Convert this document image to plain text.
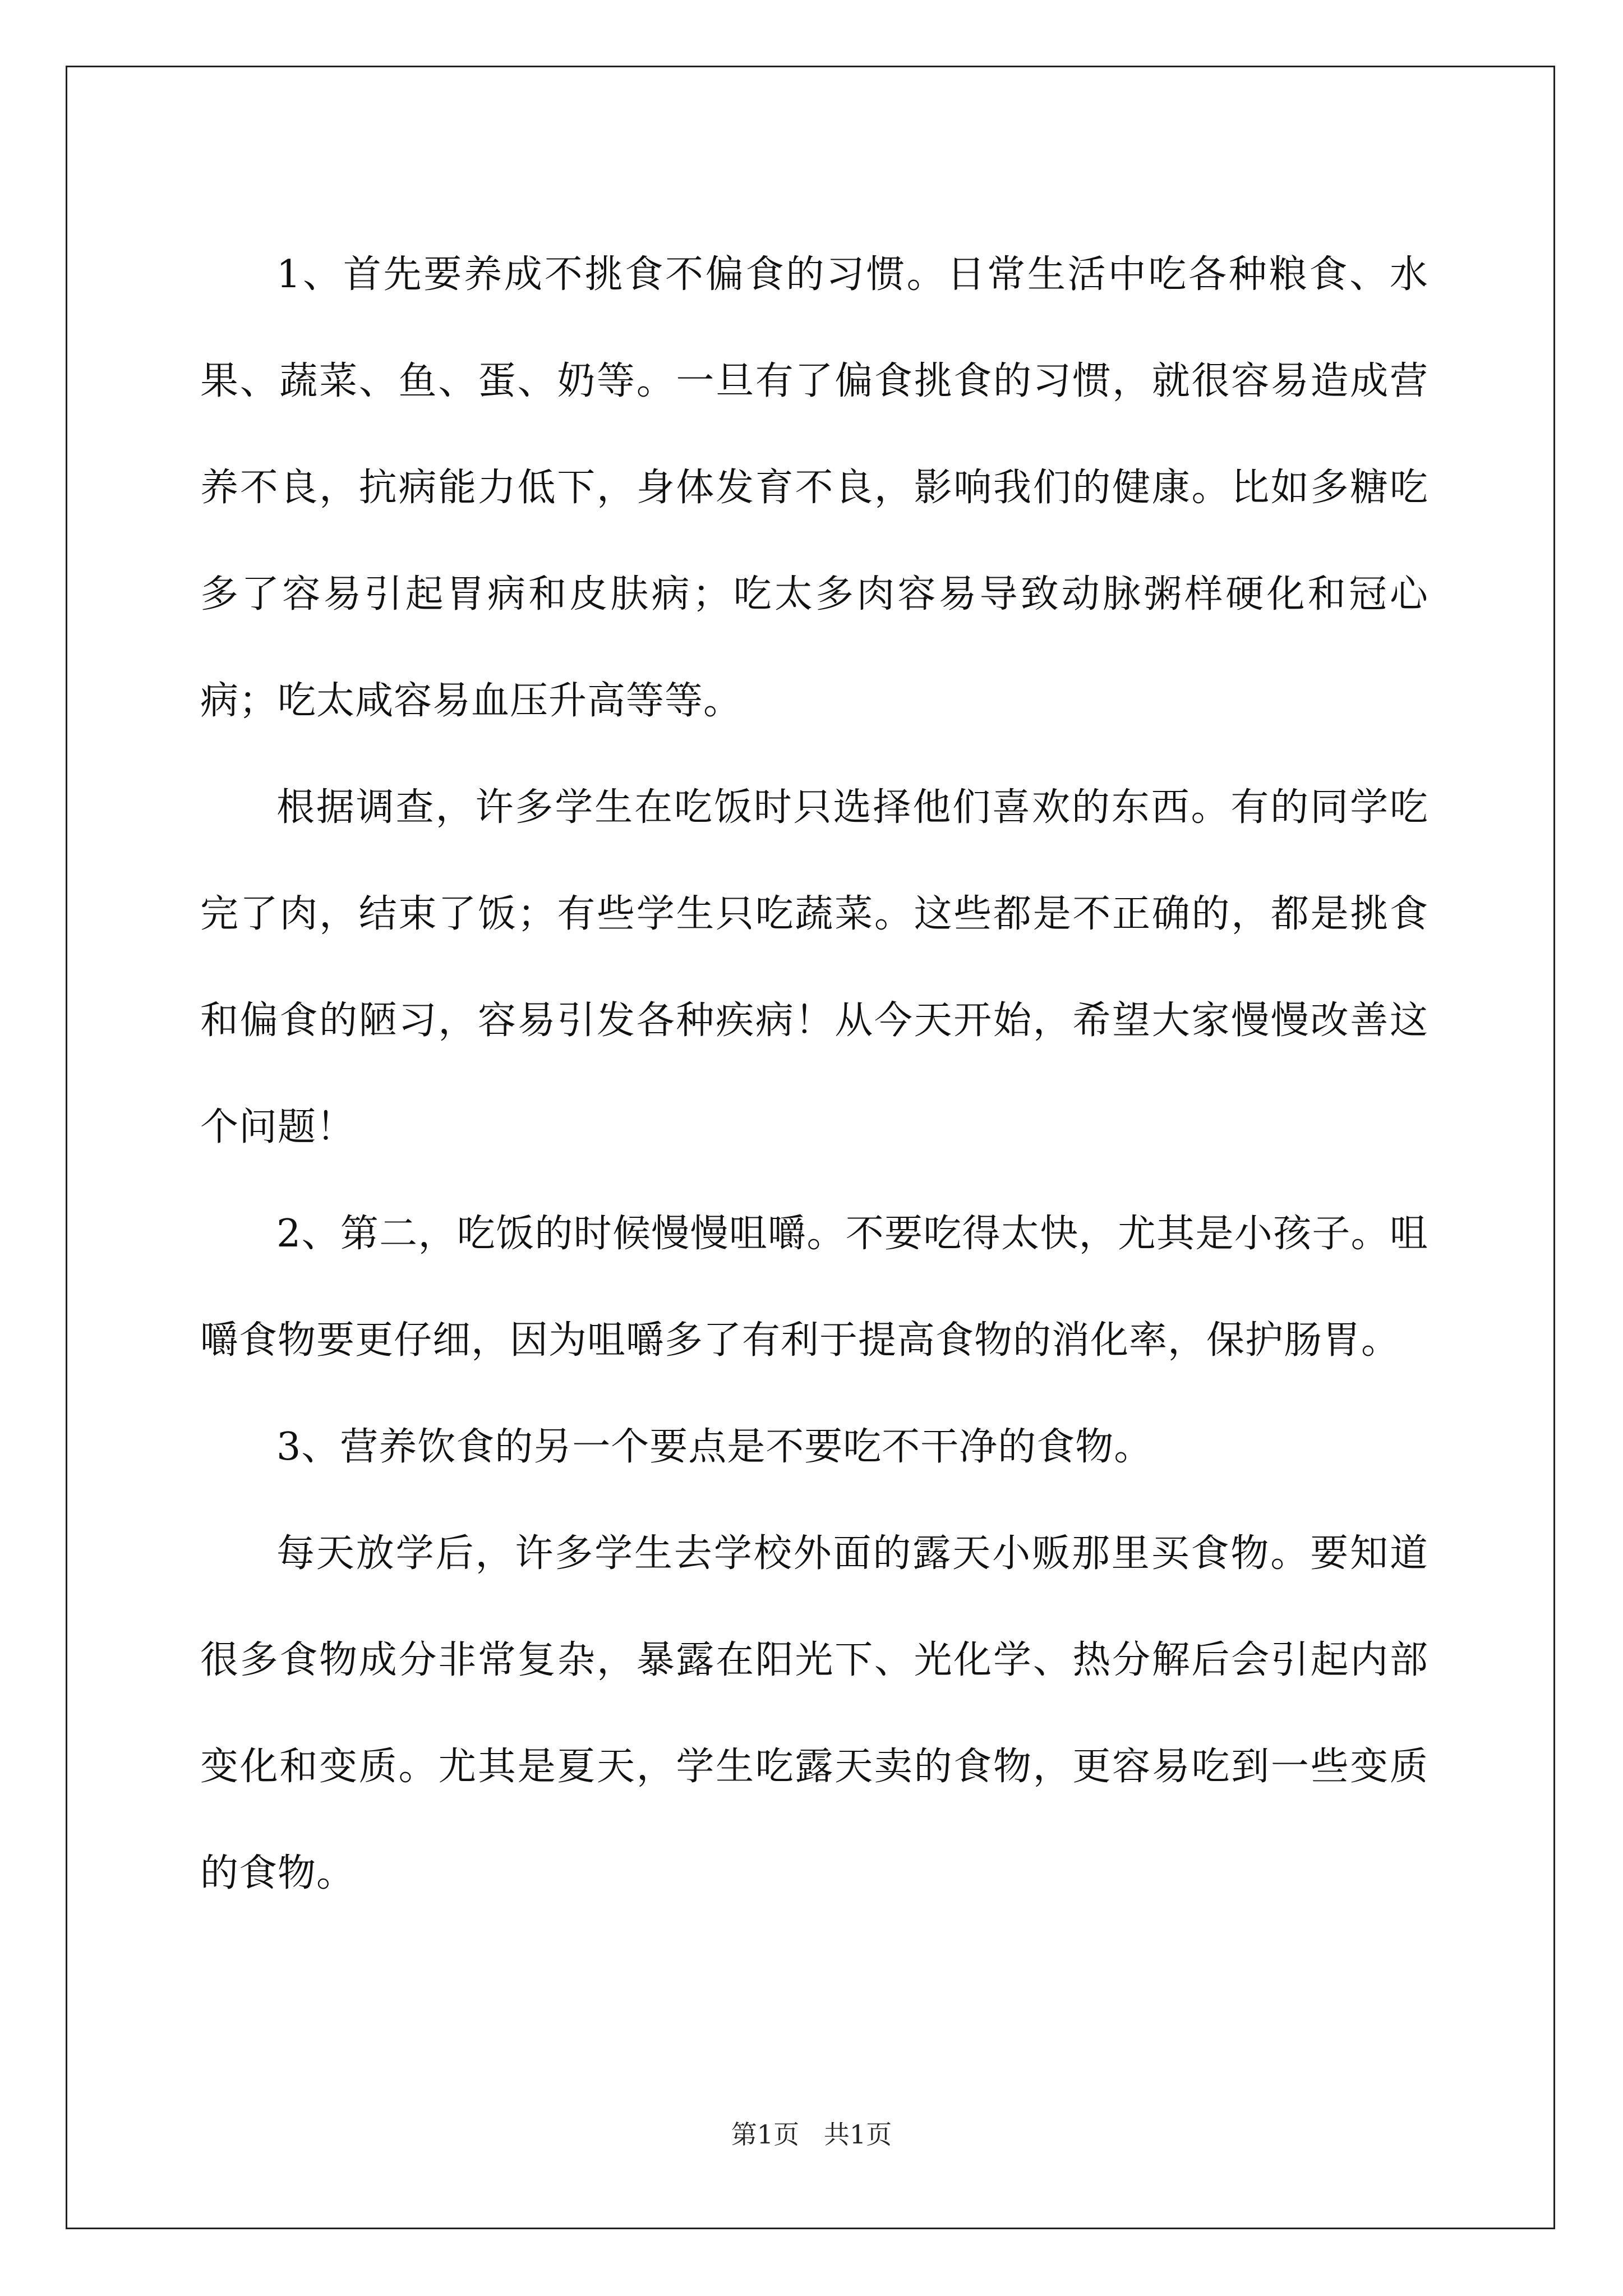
1、首先要养成不挑食不偏食的习惯。日常生活中吃各种粮食、水果、蔬菜、鱼、蛋、奶等。一旦有了偏食挑食的习惯，就很容易造成营养不良，抗病能力低下，身体发育不良，影响我们的健康。比如多糖吃多了容易引起胃病和皮肤病；吃太多肉容易导致动脉粥样硬化和冠心病；吃太咸容易血压升高等等。

根据调查，许多学生在吃饭时只选择他们喜欢的东西。有的同学吃完了肉，结束了饭；有些学生只吃蔬菜。这些都是不正确的，都是挑食和偏食的陋习，容易引发各种疾病！从今天开始，希望大家慢慢改善这个问题！

2、第二，吃饭的时候慢慢咀嚼。不要吃得太快，尤其是小孩子。咀嚼食物要更仔细，因为咀嚼多了有利于提高食物的消化率，保护肠胃。

3、营养饮食的另一个要点是不要吃不干净的食物。

每天放学后，许多学生去学校外面的露天小贩那里买食物。要知道很多食物成分非常复杂，暴露在阳光下、光化学、热分解后会引起内部变化和变质。尤其是夏天，学生吃露天卖的食物，更容易吃到一些变质的食物。

第1页   共1页
